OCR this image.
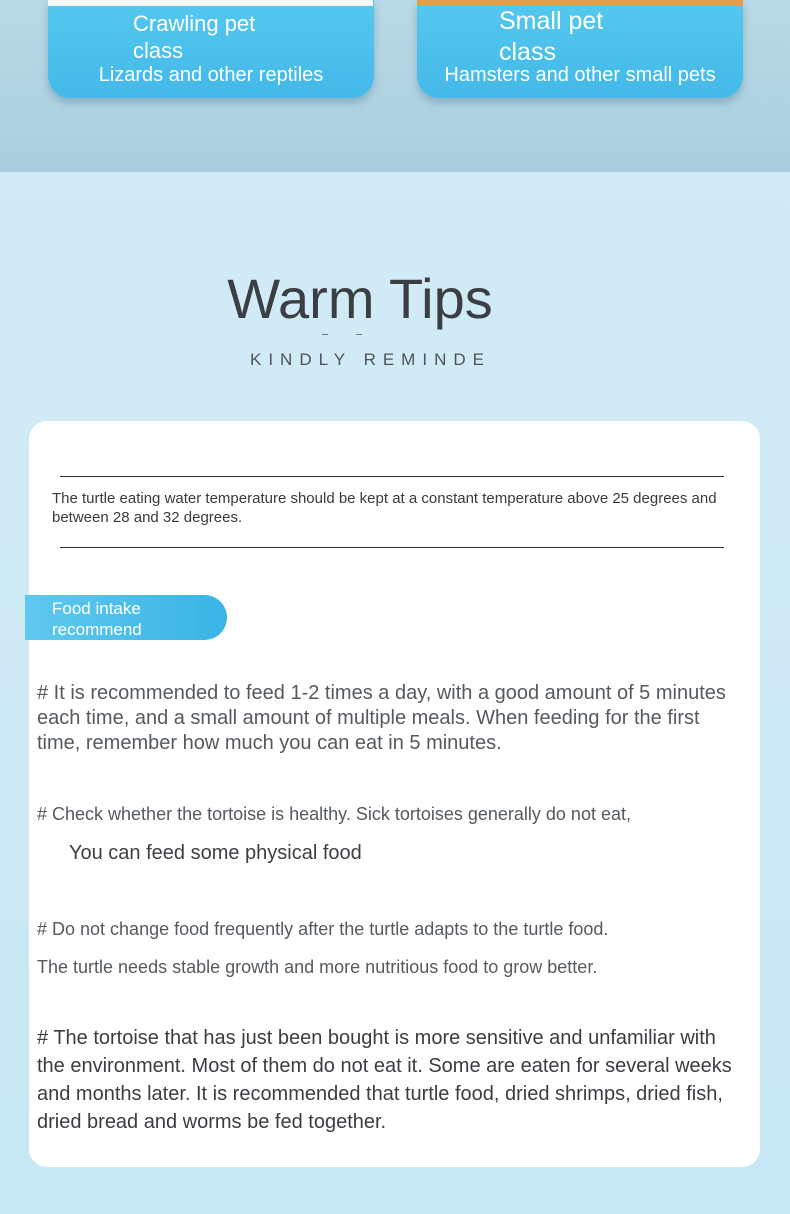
Crawling pet class
Lizards and other reptiles
Small pet class
Hamsters and other small pets
Warm Tips
KINDLY REMINDE
The turtle eating water temperature should be kept at a constant temperature above 25 degrees and between 28 and 32 degrees.
Food intake recommend
# It is recommended to feed 1-2 times a day, with a good amount of 5 minutes each time, and a small amount of multiple meals. When feeding for the first time, remember how much you can eat in 5 minutes.
# Check whether the tortoise is healthy. Sick tortoises generally do not eat,
You can feed some physical food
# Do not change food frequently after the turtle adapts to the turtle food.
The turtle needs stable growth and more nutritious food to grow better.
# The tortoise that has just been bought is more sensitive and unfamiliar with the environment. Most of them do not eat it. Some are eaten for several weeks and months later. It is recommended that turtle food, dried shrimps, dried fish, dried bread and worms be fed together.
